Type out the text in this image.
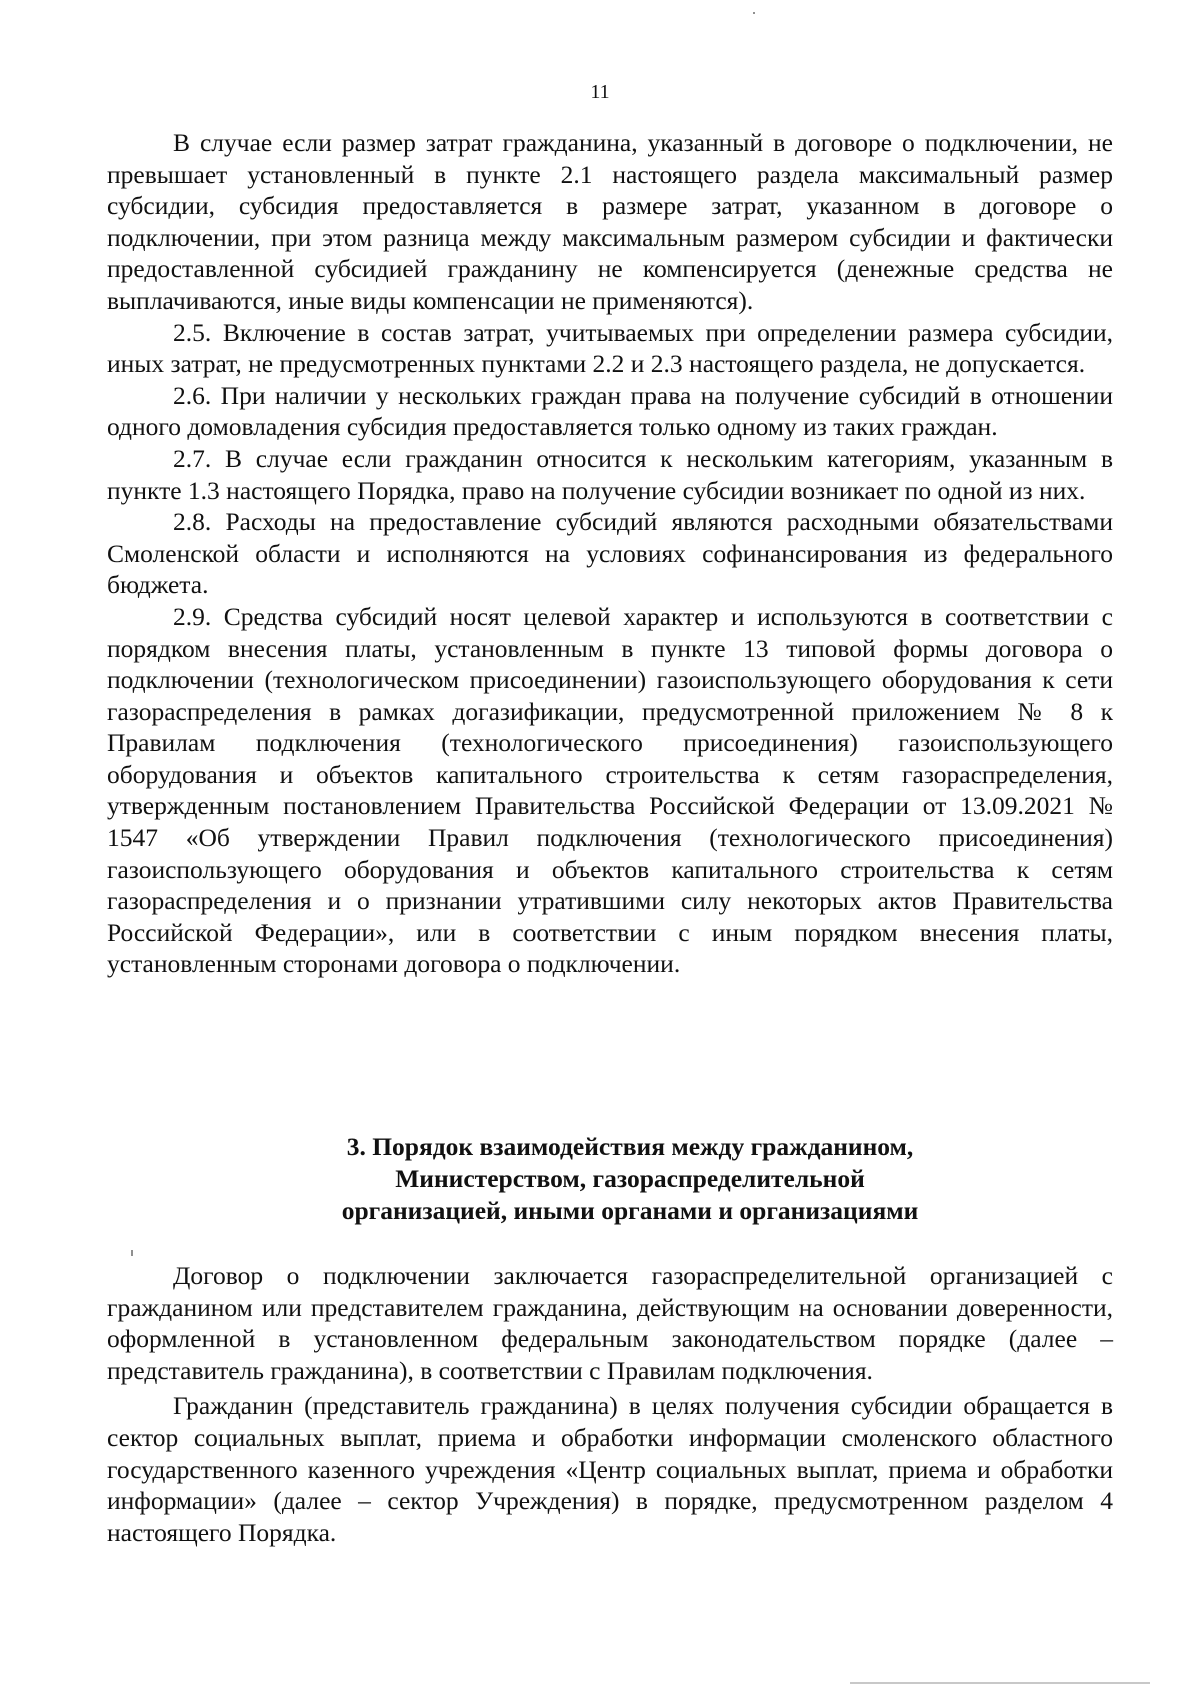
11

В случае если размер затрат гражданина, указанный в договоре о подключении, не превышает установленный в пункте 2.1 настоящего раздела максимальный размер субсидии, субсидия предоставляется в размере затрат, указанном в договоре о подключении, при этом разница между максимальным размером субсидии и фактически предоставленной субсидией гражданину не компенсируется (денежные средства не выплачиваются, иные виды компенсации не применяются).

2.5. Включение в состав затрат, учитываемых при определении размера субсидии, иных затрат, не предусмотренных пунктами 2.2 и 2.3 настоящего раздела, не допускается.

2.6. При наличии у нескольких граждан права на получение субсидий в отношении одного домовладения субсидия предоставляется только одному из таких граждан.

2.7. В случае если гражданин относится к нескольким категориям, указанным в пункте 1.3 настоящего Порядка, право на получение субсидии возникает по одной из них.

2.8. Расходы на предоставление субсидий являются расходными обязательствами Смоленской области и исполняются на условиях софинансирования из федерального бюджета.

2.9. Средства субсидий носят целевой характер и используются в соответствии с порядком внесения платы, установленным в пункте 13 типовой формы договора о подключении (технологическом присоединении) газоиспользующего оборудования к сети газораспределения в рамках догазификации, предусмотренной приложением № 8 к Правилам подключения (технологического присоединения) газоиспользующего оборудования и объектов капитального строительства к сетям газораспределения, утвержденным постановлением Правительства Российской Федерации от 13.09.2021 № 1547 «Об утверждении Правил подключения (технологического присоединения) газоиспользующего оборудования и объектов капитального строительства к сетям газораспределения и о признании утратившими силу некоторых актов Правительства Российской Федерации», или в соответствии с иным порядком внесения платы, установленным сторонами договора о подключении.

3. Порядок взаимодействия между гражданином,
Министерством, газораспределительной
организацией, иными органами и организациями

Договор о подключении заключается газораспределительной организацией с гражданином или представителем гражданина, действующим на основании доверенности, оформленной в установленном федеральным законодательством порядке (далее – представитель гражданина), в соответствии с Правилам подключения.

Гражданин (представитель гражданина) в целях получения субсидии обращается в сектор социальных выплат, приема и обработки информации смоленского областного государственного казенного учреждения «Центр социальных выплат, приема и обработки информации» (далее – сектор Учреждения) в порядке, предусмотренном разделом 4 настоящего Порядка.
